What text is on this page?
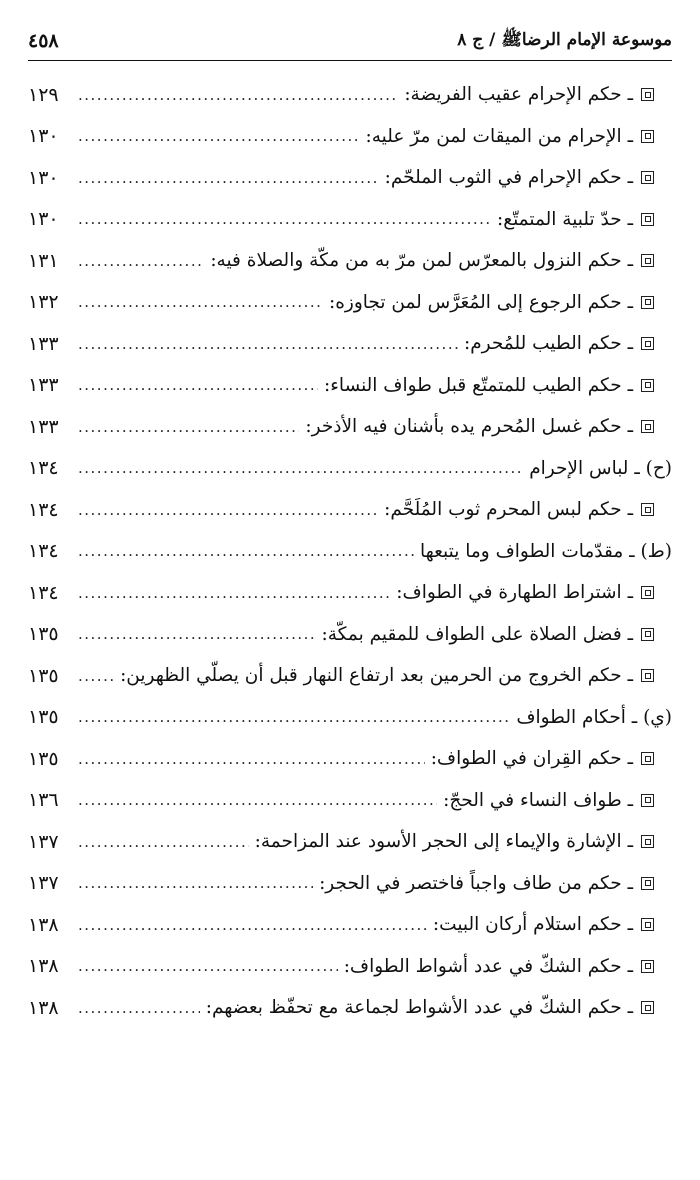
موسوعة الإمام الرضاﷺ / ج ٨
٤٥٨
ـ حكم الإحرام عقيب الفريضة:
.....
١٢٩
ـ الإحرام من الميقات لمن مرّ عليه:
.....
١٣٠
ـ حكم الإحرام في الثوب الملحّم:
.....
١٣٠
ـ حدّ تلبية المتمتّع:
.....
١٣٠
ـ حكم النزول بالمعرّس لمن مرّ به من مكّة والصلاة فيه:
.....
١٣١
ـ حكم الرجوع إلى المُعَرَّس لمن تجاوزه:
.....
١٣٢
ـ حكم الطيب للمُحرم:
.....
١٣٣
ـ حكم الطيب للمتمتّع قبل طواف النساء:
.....
١٣٣
ـ حكم غسل المُحرم يده بأشنان فيه الأذخر:
.....
١٣٣
(ح) ـ لباس الإحرام
.....
١٣٤
ـ حكم لبس المحرم ثوب المُلَحَّم:
.....
١٣٤
(ط) ـ مقدّمات الطواف وما يتبعها
.....
١٣٤
ـ اشتراط الطهارة في الطواف:
.....
١٣٤
ـ فضل الصلاة على الطواف للمقيم بمكّة:
.....
١٣٥
ـ حكم الخروج من الحرمين بعد ارتفاع النهار قبل أن يصلّي الظهرين:
.....
١٣٥
(ي) ـ أحكام الطواف
.....
١٣٥
ـ حكم القِران في الطواف:
.....
١٣٥
ـ طواف النساء في الحجّ:
.....
١٣٦
ـ الإشارة والإيماء إلى الحجر الأسود عند المزاحمة:
.....
١٣٧
ـ حكم من طاف واجباً فاختصر في الحجر:
.....
١٣٧
ـ حكم استلام أركان البيت:
.....
١٣٨
ـ حكم الشكّ في عدد أشواط الطواف:
.....
١٣٨
ـ حكم الشكّ في عدد الأشواط لجماعة مع تحفّظ بعضهم:
.....
١٣٨
